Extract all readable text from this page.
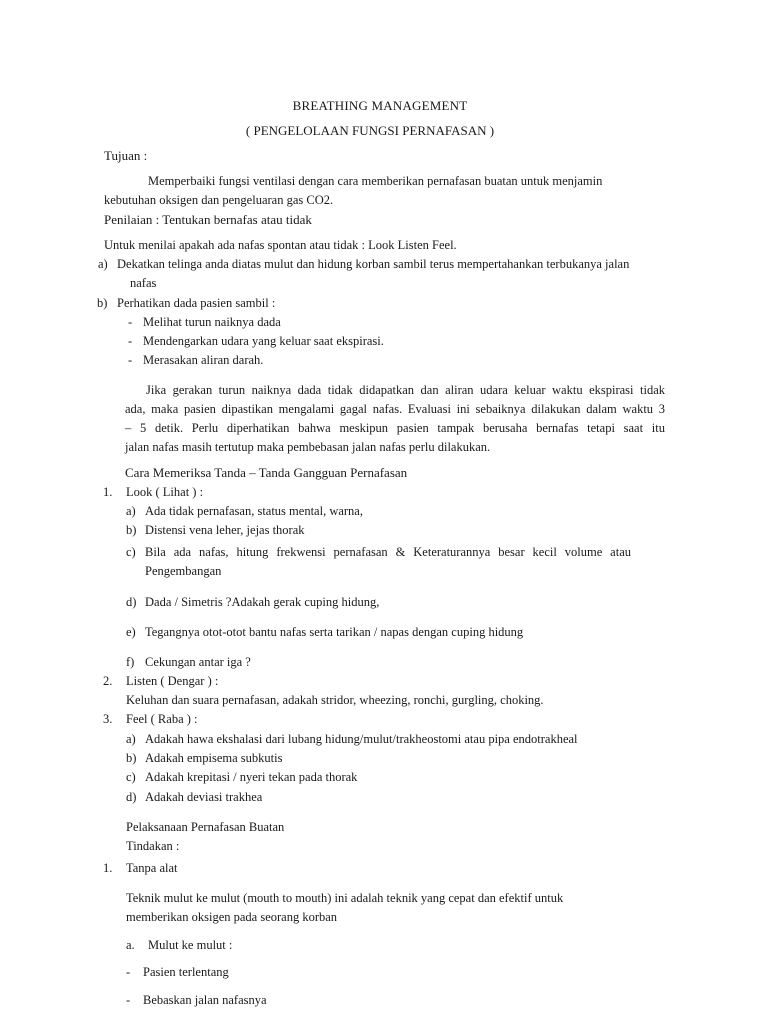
BREATHING MANAGEMENT
( PENGELOLAAN FUNGSI PERNAFASAN )
Tujuan :
Memperbaiki fungsi ventilasi dengan cara memberikan pernafasan buatan untuk menjamin
kebutuhan oksigen dan pengeluaran gas CO2.
Penilaian : Tentukan bernafas atau tidak
Untuk menilai apakah ada nafas spontan atau tidak : Look Listen Feel.
a) Dekatkan telinga anda diatas mulut dan hidung korban sambil terus mempertahankan terbukanya jalan
nafas
b) Perhatikan dada pasien sambil :
- Melihat turun naiknya dada
- Mendengarkan udara yang keluar saat ekspirasi.
- Merasakan aliran darah.
Jika gerakan turun naiknya dada tidak didapatkan dan aliran udara keluar waktu ekspirasi tidak
ada, maka pasien dipastikan mengalami gagal nafas. Evaluasi ini sebaiknya dilakukan dalam waktu 3
– 5 detik. Perlu diperhatikan bahwa meskipun pasien tampak berusaha bernafas tetapi saat itu
jalan nafas masih tertutup maka pembebasan jalan nafas perlu dilakukan.
Cara Memeriksa Tanda – Tanda Gangguan Pernafasan
1. Look ( Lihat ) :
a) Ada tidak pernafasan, status mental, warna,
b) Distensi vena leher, jejas thorak
c) Bila ada nafas, hitung frekwensi pernafasan & Keteraturannya besar kecil volume atau
Pengembangan
d) Dada / Simetris ?Adakah gerak cuping hidung,
e) Tegangnya otot-otot bantu nafas serta tarikan / napas dengan cuping hidung
f) Cekungan antar iga ?
2. Listen ( Dengar ) :
Keluhan dan suara pernafasan, adakah stridor, wheezing, ronchi, gurgling, choking.
3. Feel ( Raba ) :
a) Adakah hawa ekshalasi dari lubang hidung/mulut/trakheostomi atau pipa endotrakheal
b) Adakah empisema subkutis
c) Adakah krepitasi / nyeri tekan pada thorak
d) Adakah deviasi trakhea
Pelaksanaan Pernafasan Buatan
Tindakan :
1. Tanpa alat
Teknik mulut ke mulut (mouth to mouth) ini adalah teknik yang cepat dan efektif untuk
memberikan oksigen pada seorang korban
a. Mulut ke mulut :
- Pasien terlentang
- Bebaskan jalan nafasnya
